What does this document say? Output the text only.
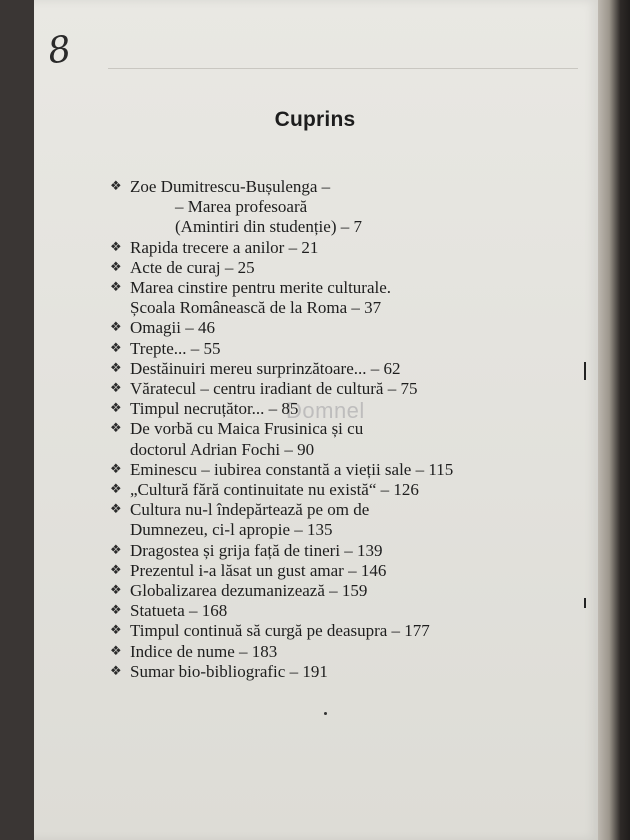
8
Cuprins
Domnel
❖ Zoe Dumitrescu-Bușulenga –
– Marea profesoară
(Amintiri din studenție) – 7
❖ Rapida trecere a anilor – 21
❖ Acte de curaj – 25
❖ Marea cinstire pentru merite culturale.
Școala Românească de la Roma – 37
❖ Omagii – 46
❖ Trepte... – 55
❖ Destăinuiri mereu surprinzătoare... – 62
❖ Văratecul – centru iradiant de cultură – 75
❖ Timpul necruțător... – 85
❖ De vorbă cu Maica Frusinica și cu
doctorul Adrian Fochi – 90
❖ Eminescu – iubirea constantă a vieții sale – 115
❖ „Cultură fără continuitate nu există“ – 126
❖ Cultura nu-l îndepărtează pe om de
Dumnezeu, ci-l apropie – 135
❖ Dragostea și grija față de tineri – 139
❖ Prezentul i-a lăsat un gust amar – 146
❖ Globalizarea dezumanizează – 159
❖ Statueta – 168
❖ Timpul continuă să curgă pe deasupra – 177
❖ Indice de nume – 183
❖ Sumar bio-bibliografic – 191
